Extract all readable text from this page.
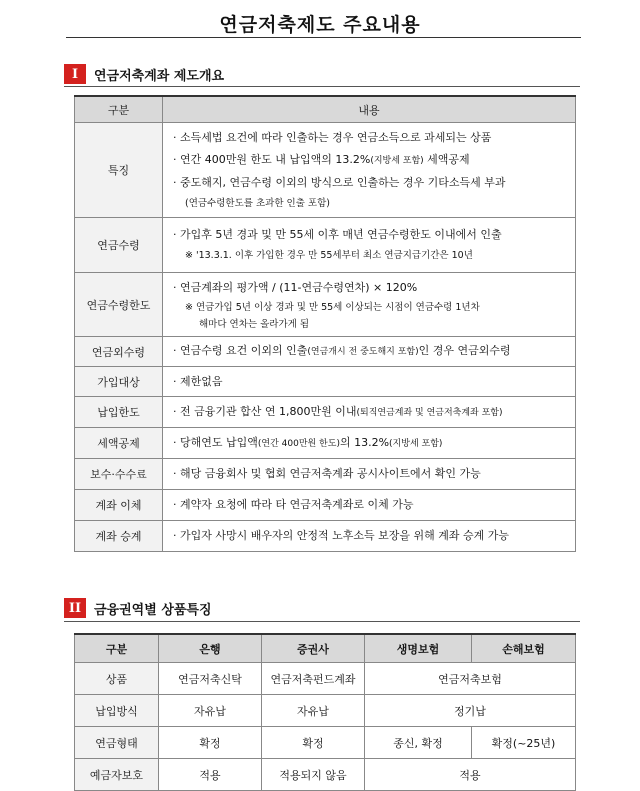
연금저축제도 주요내용
I	연금저축계좌 제도개요
구분	내용
특징	· 소득세법 요건에 따라 인출하는 경우 연금소득으로 과세되는 상품
· 연간 400만원 한도 내 납입액의 13.2%(지방세 포함) 세액공제
· 중도해지, 연금수령 이외의 방식으로 인출하는 경우 기타소득세 부과
(연금수령한도를 초과한 인출 포함)

연금수령	· 가입후 5년 경과 및 만 55세 이후 매년 연금수령한도 이내에서 인출
※ '13.3.1. 이후 가입한 경우 만 55세부터 최소 연금지급기간은 10년

연금수령한도	· 연금계좌의 평가액 / (11-연금수령연차) × 120%
※ 연금가입 5년 이상 경과 및 만 55세 이상되는 시점이 연금수령 1년차
해마다 연차는 올라가게 됨

연금외수령	· 연금수령 요건 이외의 인출(연금개시 전 중도해지 포함)인 경우 연금외수령

가입대상	· 제한없음

납입한도	· 전 금융기관 합산 연 1,800만원 이내(퇴직연금계좌 및 연금저축계좌 포함)

세액공제	· 당해연도 납입액(연간 400만원 한도)의 13.2%(지방세 포함)

보수·수수료	· 해당 금융회사 및 협회 연금저축계좌 공시사이트에서 확인 가능

계좌 이체	· 계약자 요청에 따라 타 연금저축계좌로 이체 가능

계좌 승계	· 가입자 사망시 배우자의 안정적 노후소득 보장을 위해 계좌 승계 가능
II 금융권역별 상품특징
구분	은행	증권사	생명보험	손해보험
상품	연금저축신탁	연금저축펀드계좌	연금저축보험	
납입방식	자유납	자유납	정기납	
연금형태	확정	확정	종신, 확정	확정(~25년)
예금자보호	적용	적용되지 않음	적용	
